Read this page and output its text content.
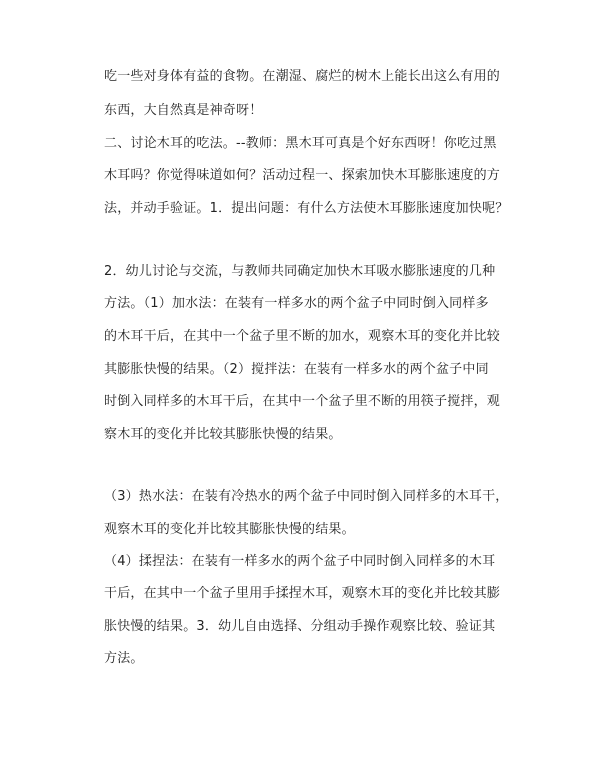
吃一些对身体有益的食物。在潮湿、腐烂的树木上能长出这么有用的
东西，大自然真是神奇呀！
二、讨论木耳的吃法。--教师：黑木耳可真是个好东西呀！你吃过黑
木耳吗？你觉得味道如何？活动过程一、探索加快木耳膨胀速度的方
法，并动手验证。1．提出问题：有什么方法使木耳膨胀速度加快呢？
2．幼儿讨论与交流，与教师共同确定加快木耳吸水膨胀速度的几种
方法。（1）加水法：在装有一样多水的两个盆子中同时倒入同样多
的木耳干后，在其中一个盆子里不断的加水，观察木耳的变化并比较
其膨胀快慢的结果。（2）搅拌法：在装有一样多水的两个盆子中同
时倒入同样多的木耳干后，在其中一个盆子里不断的用筷子搅拌，观
察木耳的变化并比较其膨胀快慢的结果。
（3）热水法：在装有冷热水的两个盆子中同时倒入同样多的木耳干，
观察木耳的变化并比较其膨胀快慢的结果。
（4）揉捏法：在装有一样多水的两个盆子中同时倒入同样多的木耳
干后，在其中一个盆子里用手揉捏木耳，观察木耳的变化并比较其膨
胀快慢的结果。3．幼儿自由选择、分组动手操作观察比较、验证其
方法。
